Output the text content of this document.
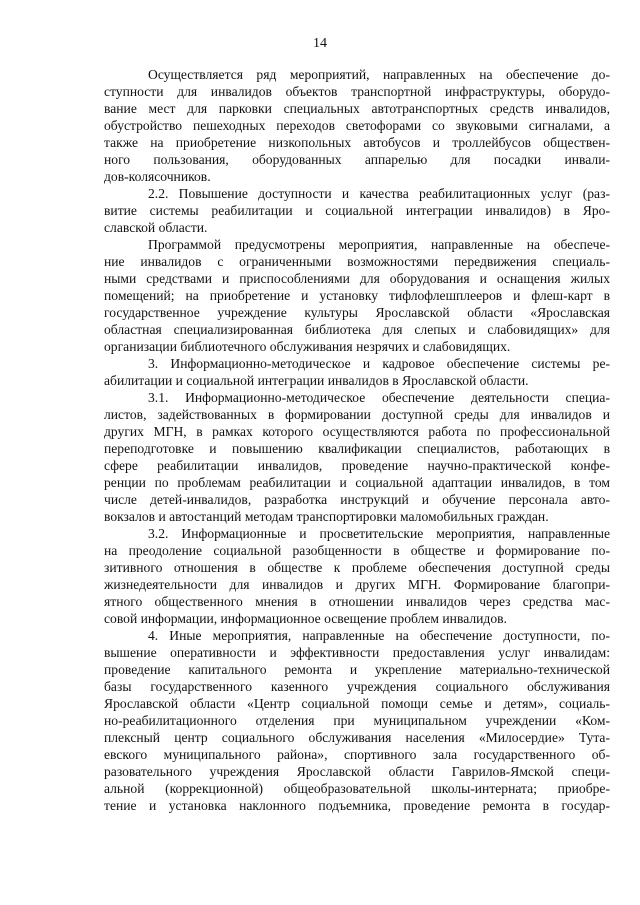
14
Осуществляется ряд мероприятий, направленных на обеспечение до-
ступности для инвалидов объектов транспортной инфраструктуры, оборудо-
вание мест для парковки специальных автотранспортных средств инвалидов,
обустройство пешеходных переходов светофорами со звуковыми сигналами, а
также на приобретение низкопольных автобусов и троллейбусов обществен-
ного пользования, оборудованных аппарелью для посадки инвали-
дов-колясочников.
2.2. Повышение доступности и качества реабилитационных услуг (раз-
витие системы реабилитации и социальной интеграции инвалидов) в Яро-
славской области.
Программой предусмотрены мероприятия, направленные на обеспече-
ние инвалидов с ограниченными возможностями передвижения специаль-
ными средствами и приспособлениями для оборудования и оснащения жилых
помещений; на приобретение и установку тифлофлешплееров и флеш-карт в
государственное учреждение культуры Ярославской области «Ярославская
областная специализированная библиотека для слепых и слабовидящих» для
организации библиотечного обслуживания незрячих и слабовидящих.
3. Информационно-методическое и кадровое обеспечение системы ре-
абилитации и социальной интеграции инвалидов в Ярославской области.
3.1. Информационно-методическое обеспечение деятельности специа-
листов, задействованных в формировании доступной среды для инвалидов и
других МГН, в рамках которого осуществляются работа по профессиональной
переподготовке и повышению квалификации специалистов, работающих в
сфере реабилитации инвалидов, проведение научно-практической конфе-
ренции по проблемам реабилитации и социальной адаптации инвалидов, в том
числе детей-инвалидов, разработка инструкций и обучение персонала авто-
вокзалов и автостанций методам транспортировки маломобильных граждан.
3.2. Информационные и просветительские мероприятия, направленные
на преодоление социальной разобщенности в обществе и формирование по-
зитивного отношения в обществе к проблеме обеспечения доступной среды
жизнедеятельности для инвалидов и других МГН. Формирование благопри-
ятного общественного мнения в отношении инвалидов через средства мас-
совой информации, информационное освещение проблем инвалидов.
4. Иные мероприятия, направленные на обеспечение доступности, по-
вышение оперативности и эффективности предоставления услуг инвалидам:
проведение капитального ремонта и укрепление материально-технической
базы государственного казенного учреждения социального обслуживания
Ярославской области «Центр социальной помощи семье и детям», социаль-
но-реабилитационного отделения при муниципальном учреждении «Ком-
плексный центр социального обслуживания населения «Милосердие» Тута-
евского муниципального района», спортивного зала государственного об-
разовательного учреждения Ярославской области Гаврилов-Ямской специ-
альной (коррекционной) общеобразовательной школы-интерната; приобре-
тение и установка наклонного подъемника, проведение ремонта в государ-
